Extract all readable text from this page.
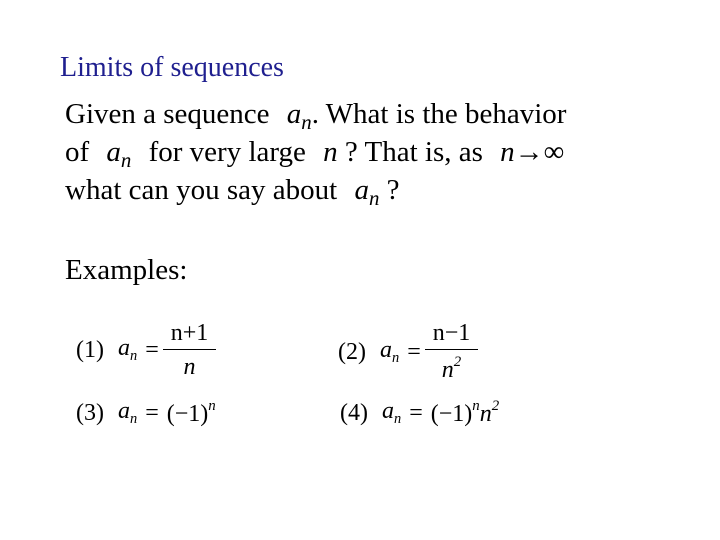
Limits of sequences
Given a sequence $a_n$. What is the behavior
of $a_n$ for very large n ? That is, as n→∞
what can you say about $a_n$ ?
Examples:
(1) $a_n = \frac{n+1}{n}$	(2) $a_n = \frac{n-1}{n^2}$
(3) $a_n = (-1)^n$	(4) $a_n = (-1)^nn^2$
